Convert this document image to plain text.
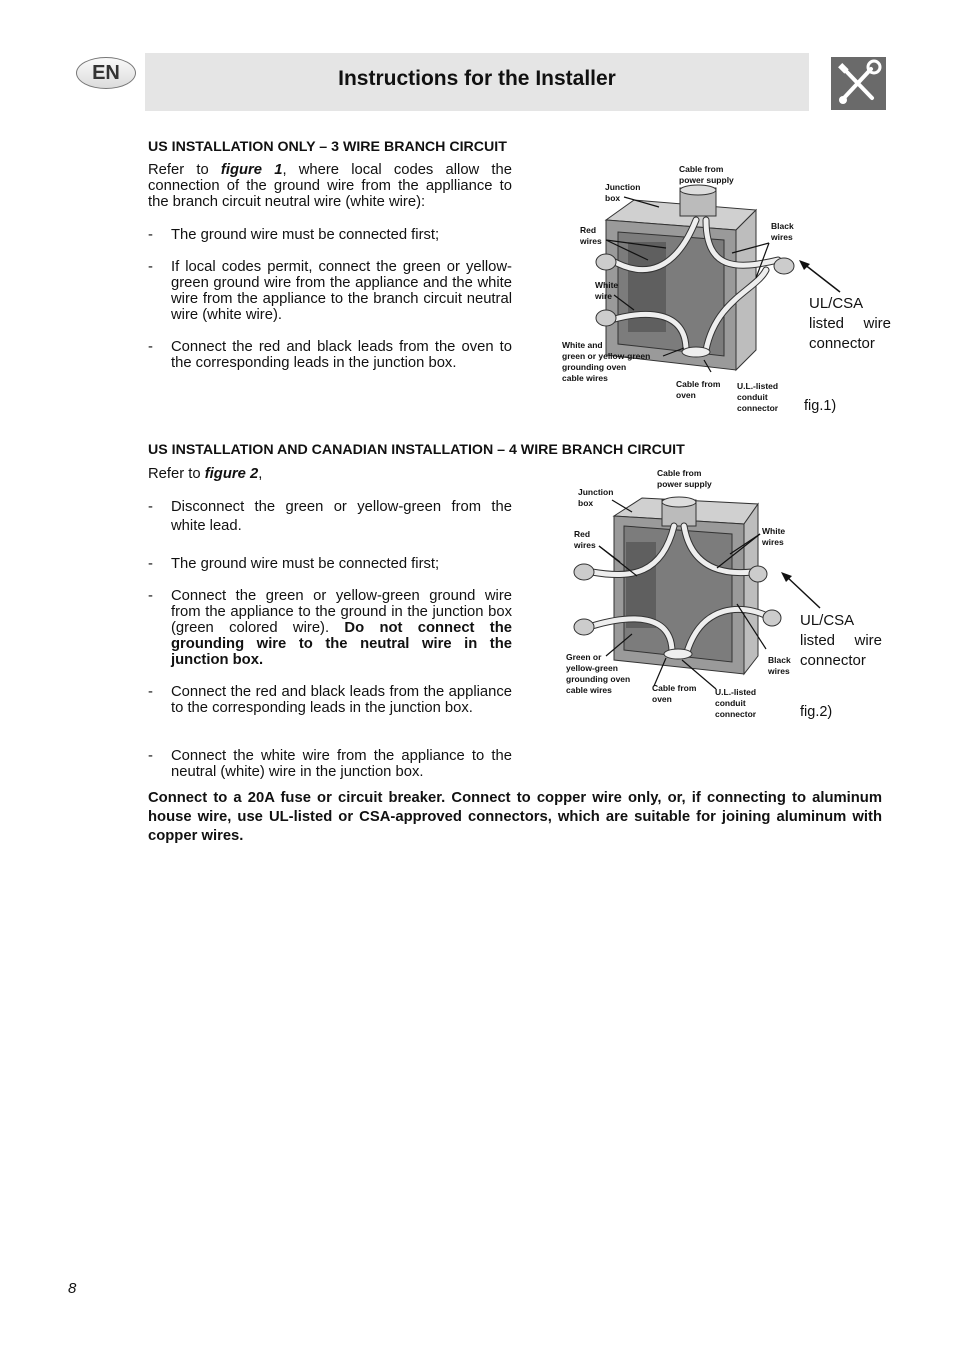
EN	Instructions for the Installer
US INSTALLATION ONLY – 3 WIRE BRANCH CIRCUIT
Refer to figure 1, where local codes allow the connection of the ground wire from the applliance to the branch circuit neutral wire (white wire):
- The ground wire must be connected first;
- If local codes permit, connect the green or yellow-green ground wire from the appliance and the white wire from the appliance to the branch circuit neutral wire (white wire).
- Connect the red and black leads from the oven to the corresponding leads in the junction box.
Cable from
power supply
Junction
box
Red
wires
Black
wires
White
wire
White and
green or yellow-green
grounding oven
cable wires
Cable from
oven
U.L.-listed
conduit
connector
UL/CSA
listed wire
connector
fig.1)
US INSTALLATION AND CANADIAN INSTALLATION – 4 WIRE BRANCH CIRCUIT
Refer to figure 2,
- Disconnect the green or yellow-green from the white lead.
- The ground wire must be connected first;
- Connect the green or yellow-green ground wire from the appliance to the ground in the junction box (green colored wire). Do not connect the grounding wire to the neutral wire in the junction box.
- Connect the red and black leads from the appliance to the corresponding leads in the junction box.
- Connect the white wire from the appliance to the neutral (white) wire in the junction box.
Cable from
power supply
Junction
box
Red
wires
White
wires
Black
wires
Green or
yellow-green
grounding oven
cable wires	Cable from
oven
U.L.-listed
conduit
connector
UL/CSA
listed wire
connector
fig.2)
Connect to a 20A fuse or circuit breaker. Connect to copper wire only, or, if connecting to aluminum house wire, use UL-listed or CSA-approved connectors, which are suitable for joining aluminum with copper wires.
8
